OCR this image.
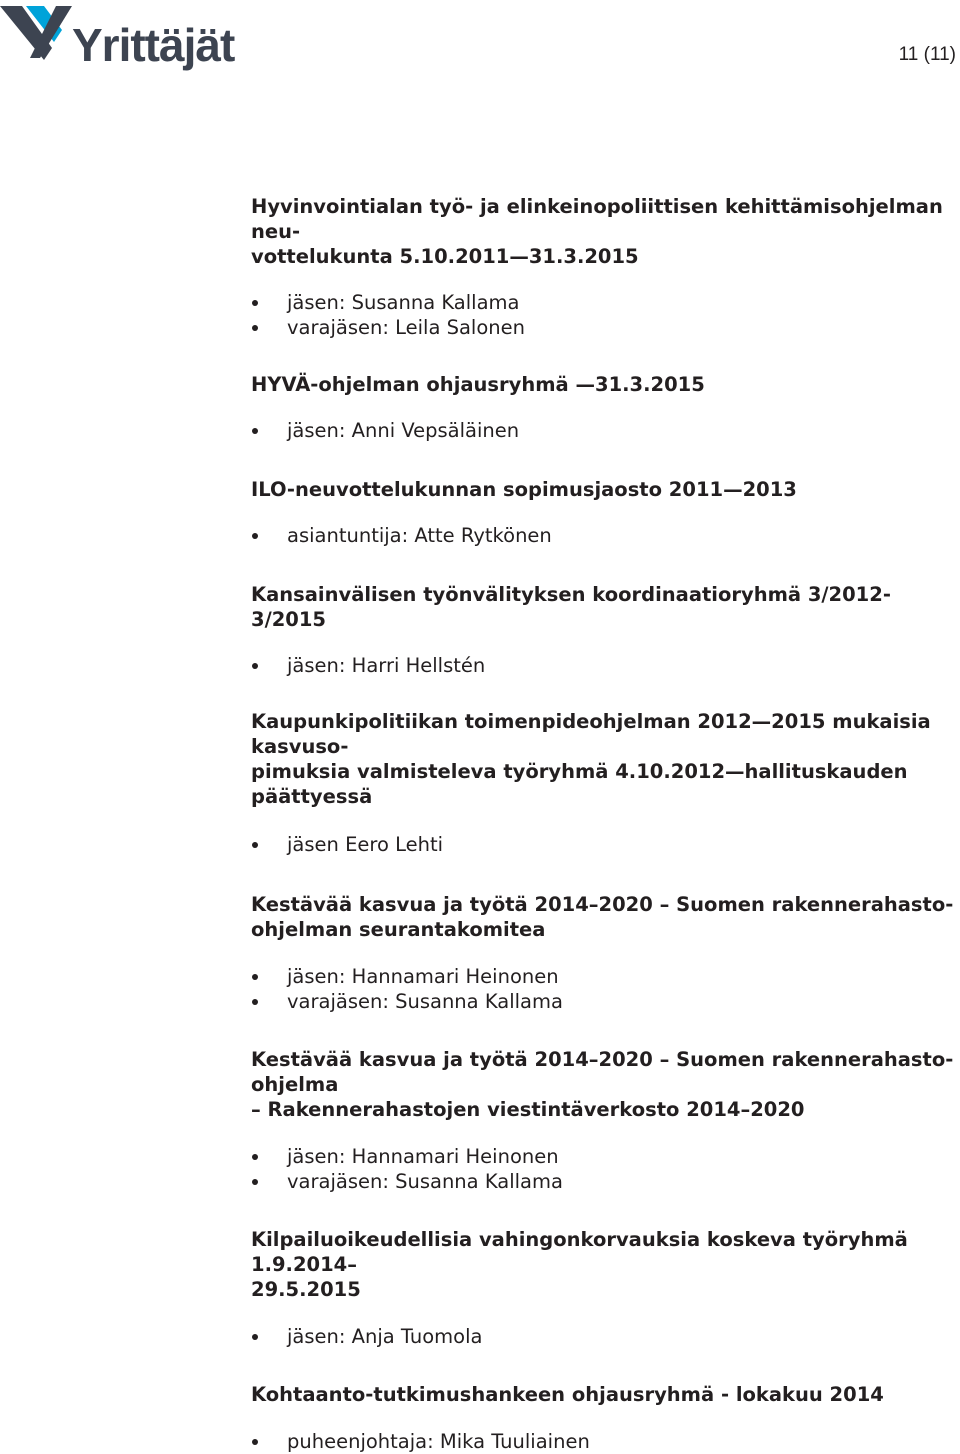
Yrittäjät	11 (11)
Hyvinvointialan työ- ja elinkeinopoliittisen kehittämisohjelman neu-
vottelukunta 5.10.2011—31.3.2015
jäsen: Susanna Kallama
varajäsen: Leila Salonen
HYVÄ-ohjelman ohjausryhmä —31.3.2015
jäsen: Anni Vepsäläinen
ILO-neuvottelukunnan sopimusjaosto 2011—2013
asiantuntija: Atte Rytkönen
Kansainvälisen työnvälityksen koordinaatioryhmä 3/2012-3/2015
jäsen: Harri Hellstén
Kaupunkipolitiikan toimenpideohjelman 2012—2015 mukaisia kasvuso-
pimuksia valmisteleva työryhmä 4.10.2012—hallituskauden päättyessä
jäsen Eero Lehti
Kestävää kasvua ja työtä 2014–2020 – Suomen rakennerahasto-
ohjelman seurantakomitea
jäsen: Hannamari Heinonen
varajäsen: Susanna Kallama
Kestävää kasvua ja työtä 2014–2020 – Suomen rakennerahasto-ohjelma
– Rakennerahastojen viestintäverkosto 2014–2020
jäsen: Hannamari Heinonen
varajäsen: Susanna Kallama
Kilpailuoikeudellisia vahingonkorvauksia koskeva työryhmä 1.9.2014–
29.5.2015
jäsen: Anja Tuomola
Kohtaanto-tutkimushankeen ohjausryhmä - lokakuu 2014
puheenjohtaja: Mika Tuuliainen
